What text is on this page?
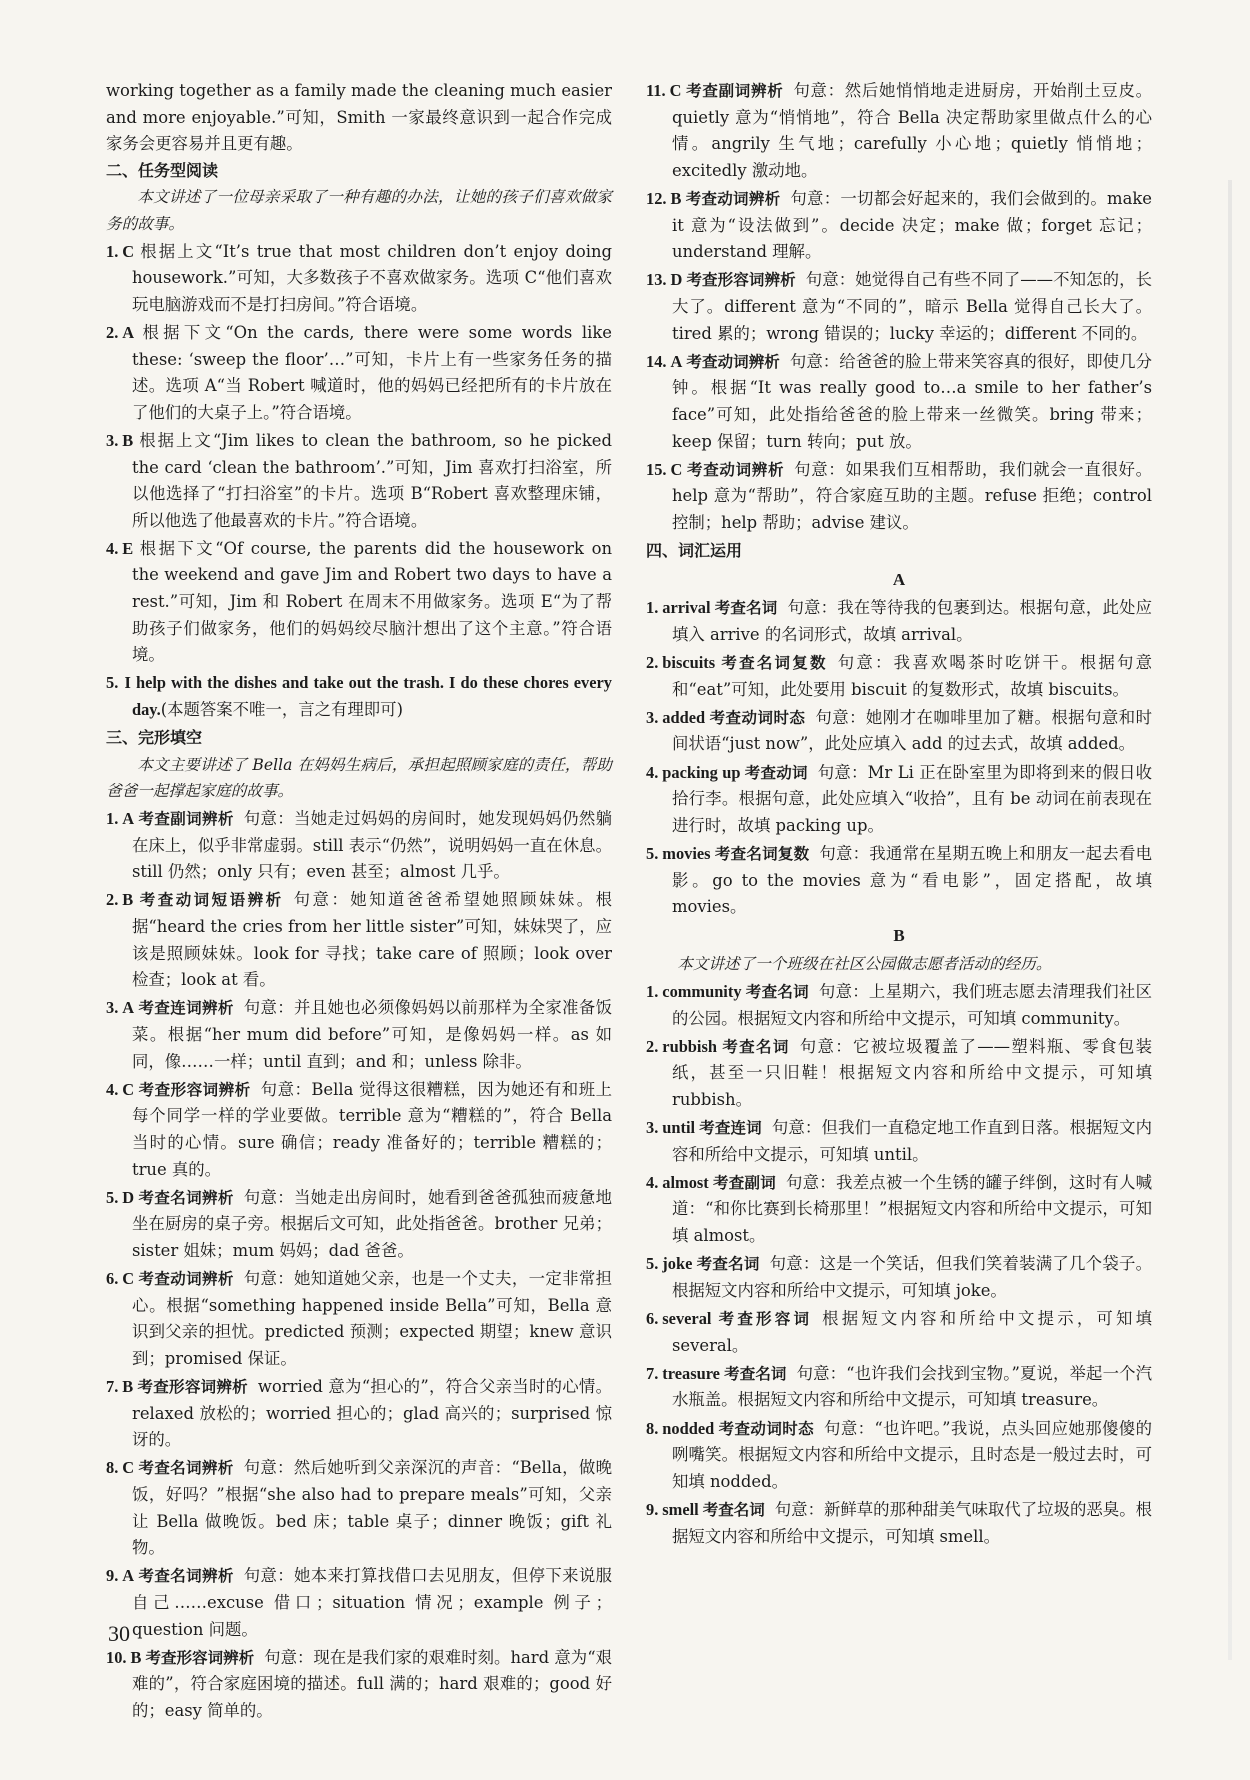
working together as a family made the cleaning much easier and more enjoyable.”可知，Smith 一家最终意识到一起合作完成家务会更容易并且更有趣。

二、任务型阅读

本文讲述了一位母亲采取了一种有趣的办法，让她的孩子们喜欢做家务的故事。

1. C 根据上文“It’s true that most children don’t enjoy doing housework.”可知，大多数孩子不喜欢做家务。选项 C“他们喜欢玩电脑游戏而不是打扫房间。”符合语境。

2. A 根据下文“On the cards, there were some words like these: ‘sweep the floor’…”可知，卡片上有一些家务任务的描述。选项 A“当 Robert 喊道时，他的妈妈已经把所有的卡片放在了他们的大桌子上。”符合语境。

3. B 根据上文“Jim likes to clean the bathroom, so he picked the card ‘clean the bathroom’.”可知，Jim 喜欢打扫浴室，所以他选择了“打扫浴室”的卡片。选项 B“Robert 喜欢整理床铺，所以他选了他最喜欢的卡片。”符合语境。

4. E 根据下文“Of course, the parents did the housework on the weekend and gave Jim and Robert two days to have a rest.”可知，Jim 和 Robert 在周末不用做家务。选项 E“为了帮助孩子们做家务，他们的妈妈绞尽脑汁想出了这个主意。”符合语境。

5. I help with the dishes and take out the trash. I do these chores every day.(本题答案不唯一，言之有理即可)

三、完形填空

本文主要讲述了 Bella 在妈妈生病后，承担起照顾家庭的责任，帮助爸爸一起撑起家庭的故事。

1. A 考查副词辨析 句意：当她走过妈妈的房间时，她发现妈妈仍然躺在床上，似乎非常虚弱。still 表示“仍然”，说明妈妈一直在休息。still 仍然；only 只有；even 甚至；almost 几乎。

2. B 考查动词短语辨析 句意：她知道爸爸希望她照顾妹妹。根据“heard the cries from her little sister”可知，妹妹哭了，应该是照顾妹妹。look for 寻找；take care of 照顾；look over 检查；look at 看。

3. A 考查连词辨析 句意：并且她也必须像妈妈以前那样为全家准备饭菜。根据“her mum did before”可知，是像妈妈一样。as 如同，像……一样；until 直到；and 和；unless 除非。

4. C 考查形容词辨析 句意：Bella 觉得这很糟糕，因为她还有和班上每个同学一样的学业要做。terrible 意为“糟糕的”，符合 Bella 当时的心情。sure 确信；ready 准备好的；terrible 糟糕的；true 真的。

5. D 考查名词辨析 句意：当她走出房间时，她看到爸爸孤独而疲惫地坐在厨房的桌子旁。根据后文可知，此处指爸爸。brother 兄弟；sister 姐妹；mum 妈妈；dad 爸爸。

6. C 考查动词辨析 句意：她知道她父亲，也是一个丈夫，一定非常担心。根据“something happened inside Bella”可知，Bella 意识到父亲的担忧。predicted 预测；expected 期望；knew 意识到；promised 保证。

7. B 考查形容词辨析 worried 意为“担心的”，符合父亲当时的心情。relaxed 放松的；worried 担心的；glad 高兴的；surprised 惊讶的。

8. C 考查名词辨析 句意：然后她听到父亲深沉的声音：“Bella，做晚饭，好吗？”根据“she also had to prepare meals”可知，父亲让 Bella 做晚饭。bed 床；table 桌子；dinner 晚饭；gift 礼物。

9. A 考查名词辨析 句意：她本来打算找借口去见朋友，但停下来说服自己……excuse 借口；situation 情况；example 例子；question 问题。

10. B 考查形容词辨析 句意：现在是我们家的艰难时刻。hard 意为“艰难的”，符合家庭困境的描述。full 满的；hard 艰难的；good 好的；easy 简单的。

11. C 考查副词辨析 句意：然后她悄悄地走进厨房，开始削土豆皮。quietly 意为“悄悄地”，符合 Bella 决定帮助家里做点什么的心情。angrily 生气地；carefully 小心地；quietly 悄悄地；excitedly 激动地。

12. B 考查动词辨析 句意：一切都会好起来的，我们会做到的。make it 意为“设法做到”。decide 决定；make 做；forget 忘记；understand 理解。

13. D 考查形容词辨析 句意：她觉得自己有些不同了——不知怎的，长大了。different 意为“不同的”，暗示 Bella 觉得自己长大了。tired 累的；wrong 错误的；lucky 幸运的；different 不同的。

14. A 考查动词辨析 句意：给爸爸的脸上带来笑容真的很好，即使几分钟。根据“It was really good to…a smile to her father’s face”可知，此处指给爸爸的脸上带来一丝微笑。bring 带来；keep 保留；turn 转向；put 放。

15. C 考查动词辨析 句意：如果我们互相帮助，我们就会一直很好。help 意为“帮助”，符合家庭互助的主题。refuse 拒绝；control 控制；help 帮助；advise 建议。

四、词汇运用

A

1. arrival 考查名词 句意：我在等待我的包裹到达。根据句意，此处应填入 arrive 的名词形式，故填 arrival。

2. biscuits 考查名词复数 句意：我喜欢喝茶时吃饼干。根据句意和“eat”可知，此处要用 biscuit 的复数形式，故填 biscuits。

3. added 考查动词时态 句意：她刚才在咖啡里加了糖。根据句意和时间状语“just now”，此处应填入 add 的过去式，故填 added。

4. packing up 考查动词 句意：Mr Li 正在卧室里为即将到来的假日收拾行李。根据句意，此处应填入“收拾”，且有 be 动词在前表现在进行时，故填 packing up。

5. movies 考查名词复数 句意：我通常在星期五晚上和朋友一起去看电影。go to the movies 意为“看电影”，固定搭配，故填 movies。

B

本文讲述了一个班级在社区公园做志愿者活动的经历。

1. community 考查名词 句意：上星期六，我们班志愿去清理我们社区的公园。根据短文内容和所给中文提示，可知填 community。

2. rubbish 考查名词 句意：它被垃圾覆盖了——塑料瓶、零食包装纸，甚至一只旧鞋！根据短文内容和所给中文提示，可知填 rubbish。

3. until 考查连词 句意：但我们一直稳定地工作直到日落。根据短文内容和所给中文提示，可知填 until。

4. almost 考查副词 句意：我差点被一个生锈的罐子绊倒，这时有人喊道：“和你比赛到长椅那里！”根据短文内容和所给中文提示，可知填 almost。

5. joke 考查名词 句意：这是一个笑话，但我们笑着装满了几个袋子。根据短文内容和所给中文提示，可知填 joke。

6. several 考查形容词 根据短文内容和所给中文提示，可知填 several。

7. treasure 考查名词 句意：“也许我们会找到宝物。”夏说，举起一个汽水瓶盖。根据短文内容和所给中文提示，可知填 treasure。

8. nodded 考查动词时态 句意：“也许吧。”我说，点头回应她那傻傻的咧嘴笑。根据短文内容和所给中文提示，且时态是一般过去时，可知填 nodded。

9. smell 考查名词 句意：新鲜草的那种甜美气味取代了垃圾的恶臭。根据短文内容和所给中文提示，可知填 smell。

30
